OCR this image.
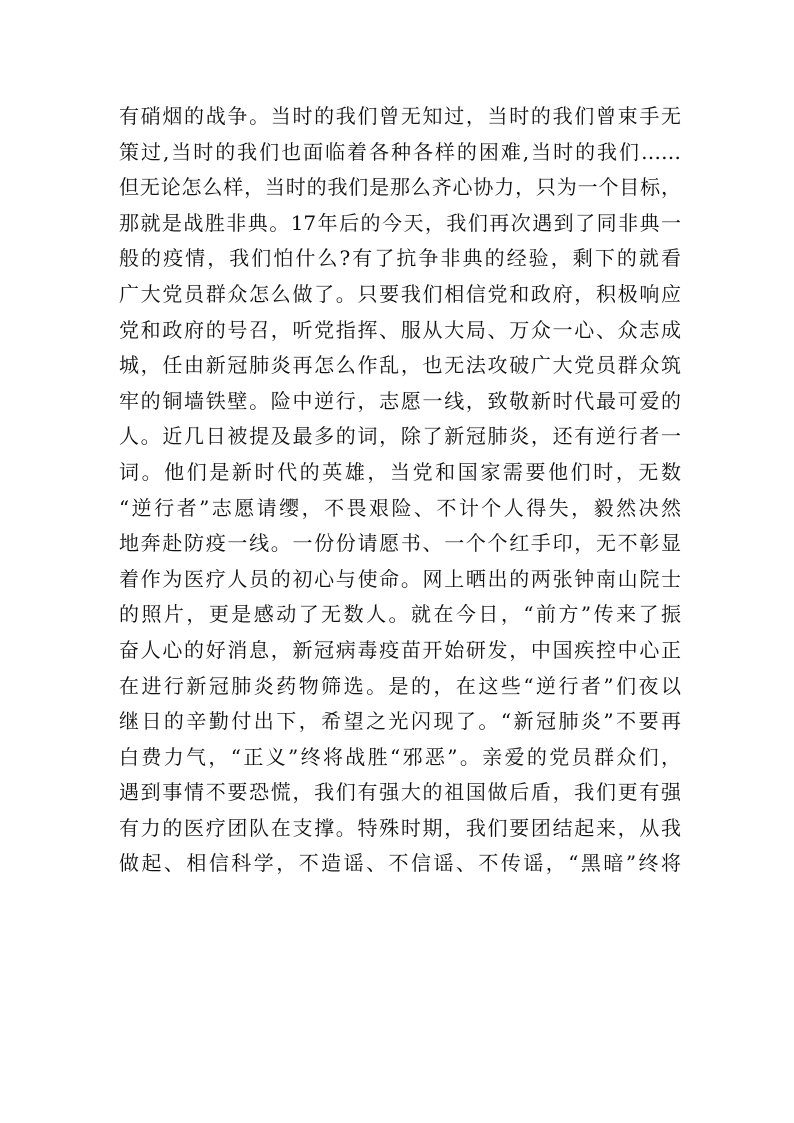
有硝烟的战争。当时的我们曾无知过，当时的我们曾束手无
策过,当时的我们也面临着各种各样的困难,当时的我们……
但无论怎么样，当时的我们是那么齐心协力，只为一个目标，
那就是战胜非典。17年后的今天，我们再次遇到了同非典一
般的疫情，我们怕什么?有了抗争非典的经验，剩下的就看
广大党员群众怎么做了。只要我们相信党和政府，积极响应
党和政府的号召，听党指挥、服从大局、万众一心、众志成
城，任由新冠肺炎再怎么作乱，也无法攻破广大党员群众筑
牢的铜墙铁壁。险中逆行，志愿一线，致敬新时代最可爱的
人。近几日被提及最多的词，除了新冠肺炎，还有逆行者一
词。他们是新时代的英雄，当党和国家需要他们时，无数
“逆行者”志愿请缨，不畏艰险、不计个人得失，毅然决然
地奔赴防疫一线。一份份请愿书、一个个红手印，无不彰显
着作为医疗人员的初心与使命。网上晒出的两张钟南山院士
的照片，更是感动了无数人。就在今日，“前方”传来了振
奋人心的好消息，新冠病毒疫苗开始研发，中国疾控中心正
在进行新冠肺炎药物筛选。是的，在这些“逆行者”们夜以
继日的辛勤付出下，希望之光闪现了。“新冠肺炎”不要再
白费力气，“正义”终将战胜“邪恶”。亲爱的党员群众们，
遇到事情不要恐慌，我们有强大的祖国做后盾，我们更有强
有力的医疗团队在支撑。特殊时期，我们要团结起来，从我
做起、相信科学，不造谣、不信谣、不传谣，“黑暗”终将
